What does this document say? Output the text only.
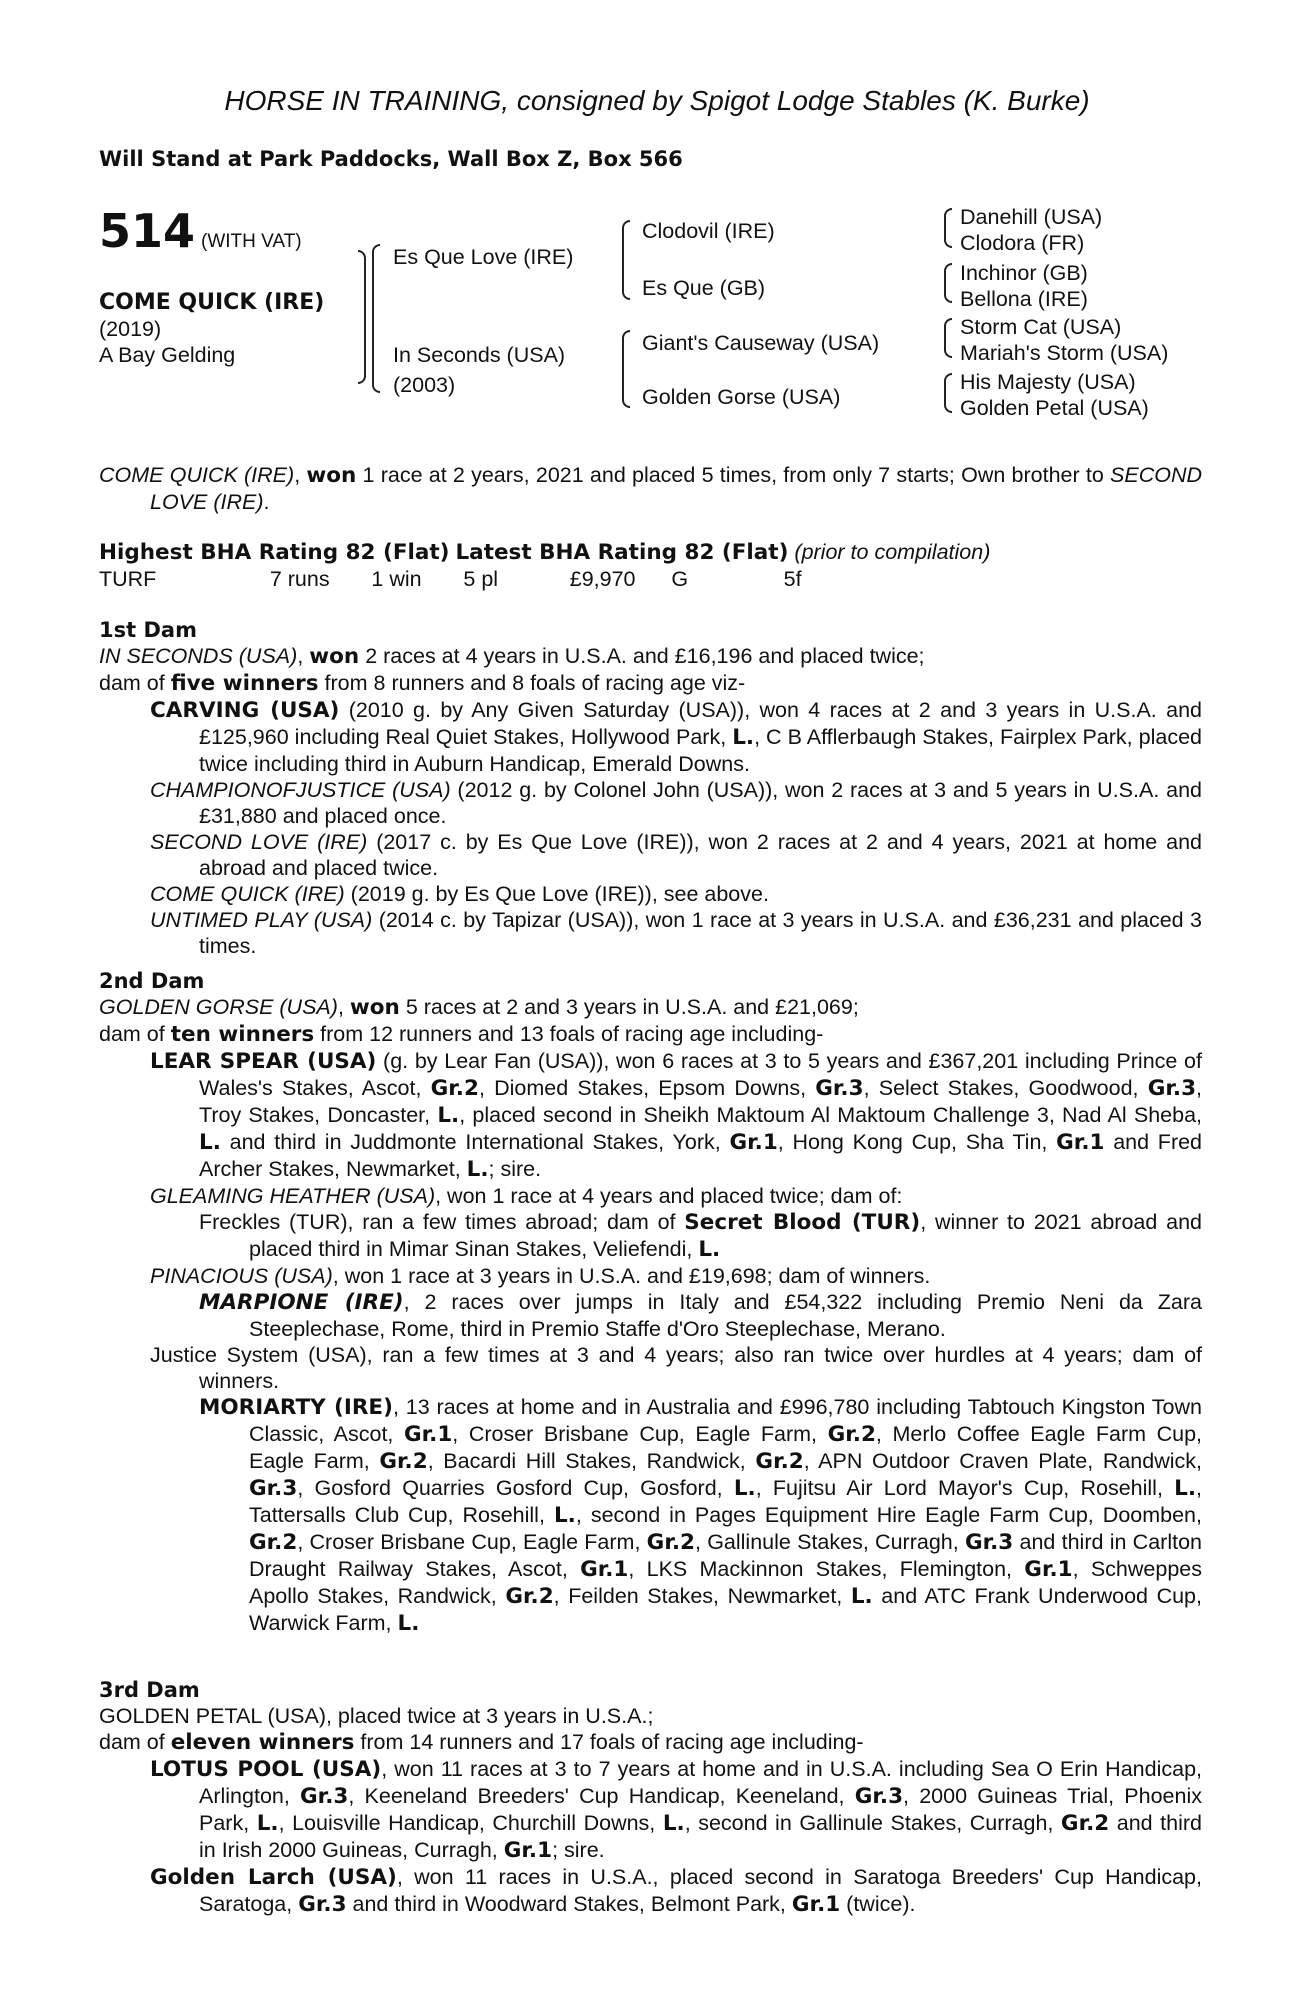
HORSE IN TRAINING, consigned by Spigot Lodge Stables (K. Burke)
Will Stand at Park Paddocks, Wall Box Z, Box 566
514 (WITH VAT)
COME QUICK (IRE)
(2019)
A Bay Gelding
Es Que Love (IRE)
In Seconds (USA)
(2003)
Clodovil (IRE)
Es Que (GB)
Giant's Causeway (USA)
Golden Gorse (USA)
Danehill (USA)
Clodora (FR)
Inchinor (GB)
Bellona (IRE)
Storm Cat (USA)
Mariah's Storm (USA)
His Majesty (USA)
Golden Petal (USA)

COME QUICK (IRE), won 1 race at 2 years, 2021 and placed 5 times, from only 7 starts; Own brother to SECOND LOVE (IRE).

Highest BHA Rating 82 (Flat) Latest BHA Rating 82 (Flat) (prior to compilation)

TURF                   7 runs       1 win       5 pl            £9,970      G                5f

1st Dam

IN SECONDS (USA), won 2 races at 4 years in U.S.A. and £16,196 and placed twice;

dam of five winners from 8 runners and 8 foals of racing age viz-

CARVING (USA) (2010 g. by Any Given Saturday (USA)), won 4 races at 2 and 3 years in U.S.A. and £125,960 including Real Quiet Stakes, Hollywood Park, L., C B Afflerbaugh Stakes, Fairplex Park, placed twice including third in Auburn Handicap, Emerald Downs.

CHAMPIONOFJUSTICE (USA) (2012 g. by Colonel John (USA)), won 2 races at 3 and 5 years in U.S.A. and £31,880 and placed once.

SECOND LOVE (IRE) (2017 c. by Es Que Love (IRE)), won 2 races at 2 and 4 years, 2021 at home and abroad and placed twice.

COME QUICK (IRE) (2019 g. by Es Que Love (IRE)), see above.

UNTIMED PLAY (USA) (2014 c. by Tapizar (USA)), won 1 race at 3 years in U.S.A. and £36,231 and placed 3 times.

2nd Dam

GOLDEN GORSE (USA), won 5 races at 2 and 3 years in U.S.A. and £21,069;

dam of ten winners from 12 runners and 13 foals of racing age including-

LEAR SPEAR (USA) (g. by Lear Fan (USA)), won 6 races at 3 to 5 years and £367,201 including Prince of Wales's Stakes, Ascot, Gr.2, Diomed Stakes, Epsom Downs, Gr.3, Select Stakes, Goodwood, Gr.3, Troy Stakes, Doncaster, L., placed second in Sheikh Maktoum Al Maktoum Challenge 3, Nad Al Sheba, L. and third in Juddmonte International Stakes, York, Gr.1, Hong Kong Cup, Sha Tin, Gr.1 and Fred Archer Stakes, Newmarket, L.; sire.

GLEAMING HEATHER (USA), won 1 race at 4 years and placed twice; dam of:

Freckles (TUR), ran a few times abroad; dam of Secret Blood (TUR), winner to 2021 abroad and placed third in Mimar Sinan Stakes, Veliefendi, L.

PINACIOUS (USA), won 1 race at 3 years in U.S.A. and £19,698; dam of winners.

MARPIONE (IRE), 2 races over jumps in Italy and £54,322 including Premio Neni da Zara Steeplechase, Rome, third in Premio Staffe d'Oro Steeplechase, Merano.

Justice System (USA), ran a few times at 3 and 4 years; also ran twice over hurdles at 4 years; dam of winners.

MORIARTY (IRE), 13 races at home and in Australia and £996,780 including Tabtouch Kingston Town Classic, Ascot, Gr.1, Croser Brisbane Cup, Eagle Farm, Gr.2, Merlo Coffee Eagle Farm Cup, Eagle Farm, Gr.2, Bacardi Hill Stakes, Randwick, Gr.2, APN Outdoor Craven Plate, Randwick, Gr.3, Gosford Quarries Gosford Cup, Gosford, L., Fujitsu Air Lord Mayor's Cup, Rosehill, L., Tattersalls Club Cup, Rosehill, L., second in Pages Equipment Hire Eagle Farm Cup, Doomben, Gr.2, Croser Brisbane Cup, Eagle Farm, Gr.2, Gallinule Stakes, Curragh, Gr.3 and third in Carlton Draught Railway Stakes, Ascot, Gr.1, LKS Mackinnon Stakes, Flemington, Gr.1, Schweppes Apollo Stakes, Randwick, Gr.2, Feilden Stakes, Newmarket, L. and ATC Frank Underwood Cup, Warwick Farm, L.

3rd Dam

GOLDEN PETAL (USA), placed twice at 3 years in U.S.A.;

dam of eleven winners from 14 runners and 17 foals of racing age including-

LOTUS POOL (USA), won 11 races at 3 to 7 years at home and in U.S.A. including Sea O Erin Handicap, Arlington, Gr.3, Keeneland Breeders' Cup Handicap, Keeneland, Gr.3, 2000 Guineas Trial, Phoenix Park, L., Louisville Handicap, Churchill Downs, L., second in Gallinule Stakes, Curragh, Gr.2 and third in Irish 2000 Guineas, Curragh, Gr.1; sire.

Golden Larch (USA), won 11 races in U.S.A., placed second in Saratoga Breeders' Cup Handicap, Saratoga, Gr.3 and third in Woodward Stakes, Belmont Park, Gr.1 (twice).
